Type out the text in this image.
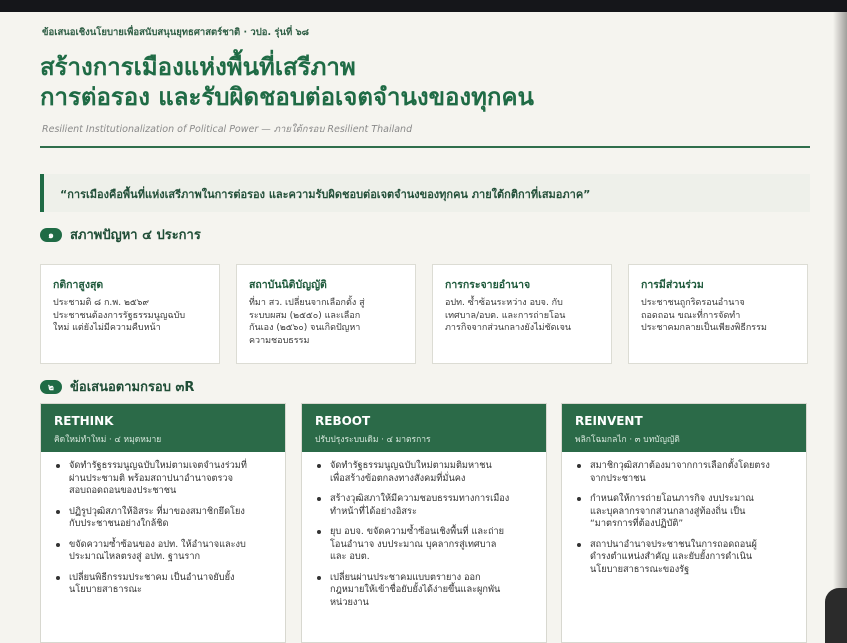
ข้อเสนอเชิงนโยบายเพื่อสนับสนุนยุทธศาสตร์ชาติ · วปอ. รุ่นที่ ๖๘
สร้างการเมืองแห่งพื้นที่เสรีภาพ
การต่อรอง และรับผิดชอบต่อเจตจำนงของทุกคน
Resilient Institutionalization of Political Power — ภายใต้กรอบ Resilient Thailand
“การเมืองคือพื้นที่แห่งเสรีภาพในการต่อรอง และความรับผิดชอบต่อเจตจำนงของทุกคน ภายใต้กติกาที่เสมอภาค”
๑	สภาพปัญหา ๔ ประการ
กติกาสูงสุด
ประชามติ ๘ ก.พ. ๒๕๖๙
ประชาชนต้องการรัฐธรรมนูญฉบับ
ใหม่ แต่ยังไม่มีความคืบหน้า
สถาบันนิติบัญญัติ
ที่มา สว. เปลี่ยนจากเลือกตั้ง สู่
ระบบผสม (๒๕๕๐) และเลือก
กันเอง (๒๕๖๐) จนเกิดปัญหา
ความชอบธรรม
การกระจายอำนาจ
อปท. ซ้ำซ้อนระหว่าง อบจ. กับ
เทศบาล/อบต. และการถ่ายโอน
ภารกิจจากส่วนกลางยังไม่ชัดเจน
การมีส่วนร่วม
ประชาชนถูกริดรอนอำนาจ
ถอดถอน ขณะที่การจัดทำ
ประชาคมกลายเป็นเพียงพิธีกรรม
๒	ข้อเสนอตามกรอบ ๓R
RETHINK
คิดใหม่ทำใหม่ · ๔ หมุดหมาย
จัดทำรัฐธรรมนูญฉบับใหม่ตามเจตจำนงร่วมที่
ผ่านประชามติ พร้อมสถาปนาอำนาจตรวจ
สอบถอดถอนของประชาชน
ปฏิรูปวุฒิสภาให้อิสระ ที่มาของสมาชิกยึดโยง
กับประชาชนอย่างใกล้ชิด
ขจัดความซ้ำซ้อนของ อปท. ให้อำนาจและงบ
ประมาณไหลตรงสู่ อปท. ฐานราก
เปลี่ยนพิธีกรรมประชาคม เป็นอำนาจยับยั้ง
นโยบายสาธารณะ
REBOOT
ปรับปรุงระบบเดิม · ๔ มาตรการ
จัดทำรัฐธรรมนูญฉบับใหม่ตามมติมหาชน
เพื่อสร้างข้อตกลงทางสังคมที่มั่นคง
สร้างวุฒิสภาให้มีความชอบธรรมทางการเมือง
ทำหน้าที่ได้อย่างอิสระ
ยุบ อบจ. ขจัดความซ้ำซ้อนเชิงพื้นที่ และถ่าย
โอนอำนาจ งบประมาณ บุคลากรสู่เทศบาล
และ อบต.
เปลี่ยนผ่านประชาคมแบบตรายาง ออก
กฎหมายให้เข้าชื่อยับยั้งได้ง่ายขึ้นและผูกพัน
หน่วยงาน
REINVENT
พลิกโฉมกลไก · ๓ บทบัญญัติ
สมาชิกวุฒิสภาต้องมาจากการเลือกตั้งโดยตรง
จากประชาชน
กำหนดให้การถ่ายโอนภารกิจ งบประมาณ
และบุคลากรจากส่วนกลางสู่ท้องถิ่น เป็น
“มาตรการที่ต้องปฏิบัติ”
สถาปนาอำนาจประชาชนในการถอดถอนผู้
ดำรงตำแหน่งสำคัญ และยับยั้งการดำเนิน
นโยบายสาธารณะของรัฐ
